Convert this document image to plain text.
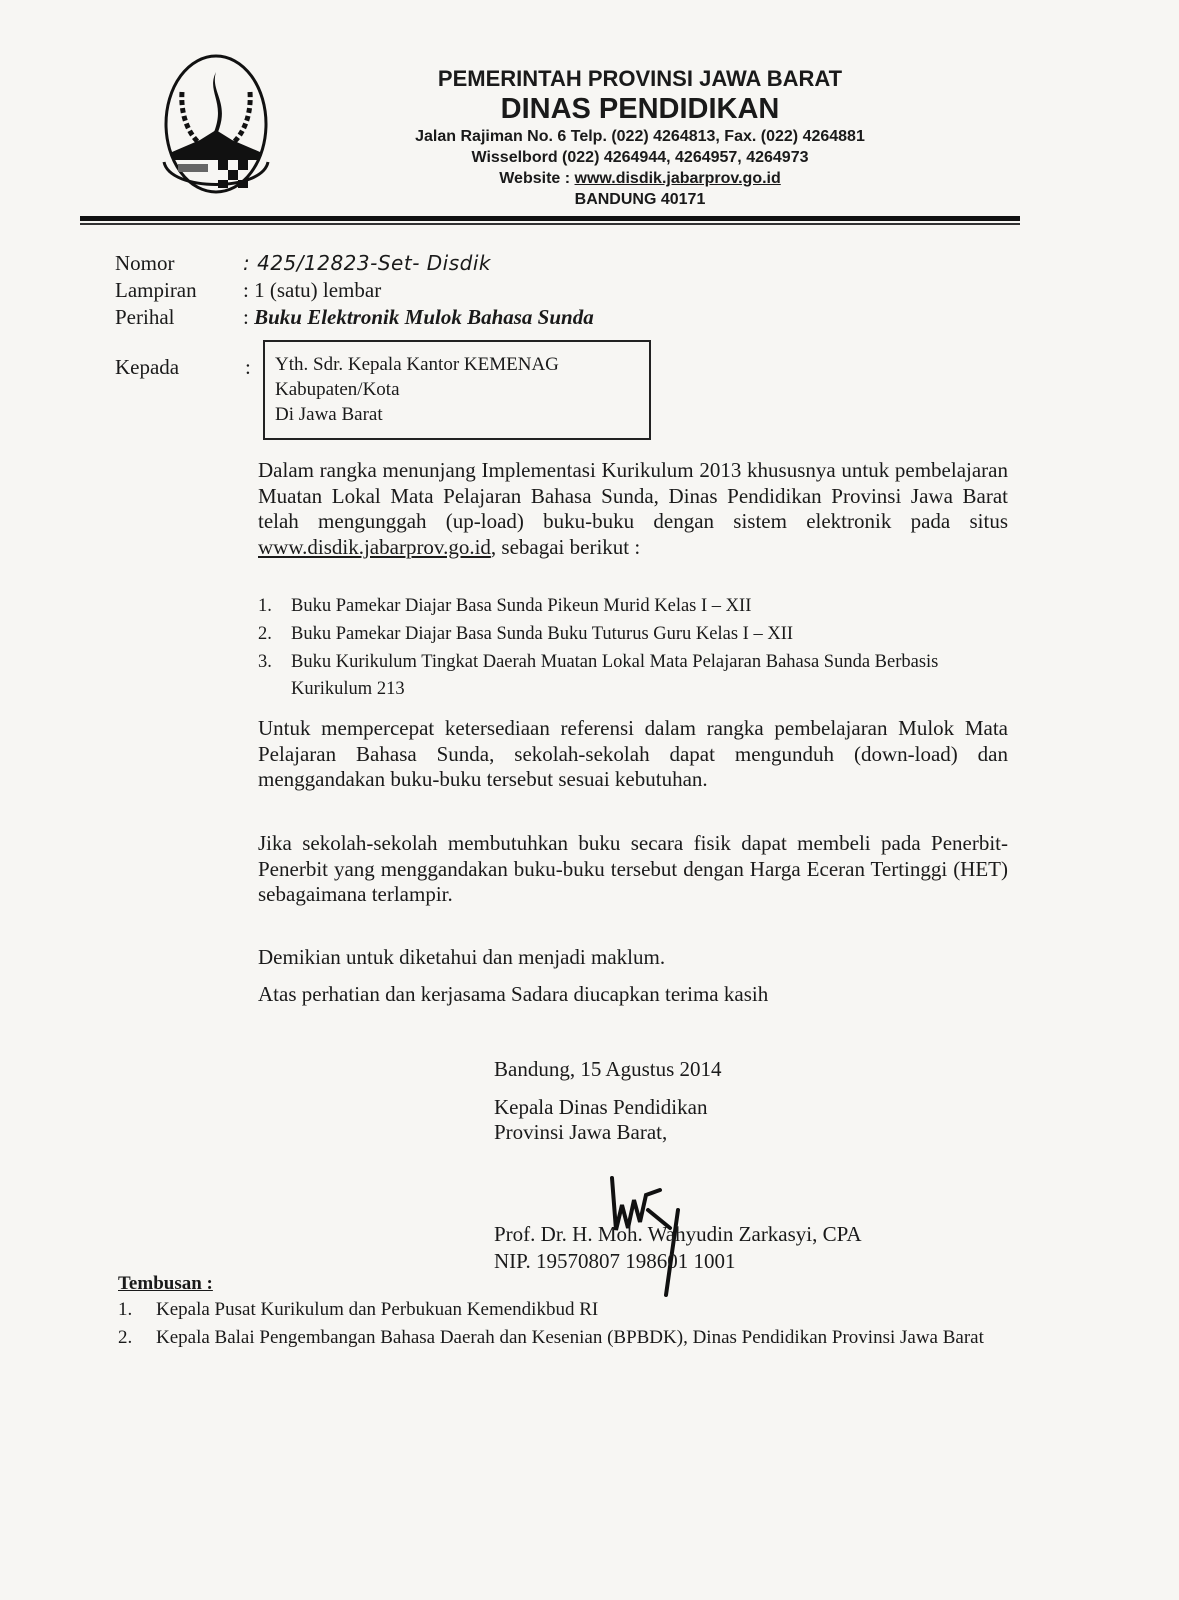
PEMERINTAH PROVINSI JAWA BARAT
DINAS PENDIDIKAN
Jalan Rajiman No. 6 Telp. (022) 4264813, Fax. (022) 4264881
Wisselbord (022) 4264944, 4264957, 4264973
Website : www.disdik.jabarprov.go.id
BANDUNG 40171
Nomor	: 425/12823-Set- Disdik
Lampiran : 1 (satu) lembar
Perihal	: Buku Elektronik Mulok Bahasa Sunda
Kepada	: Yth. Sdr. Kepala Kantor KEMENAG
Kabupaten/Kota
Di Jawa Barat
Dalam rangka menunjang Implementasi Kurikulum 2013 khususnya untuk pembelajaran Muatan Lokal Mata Pelajaran Bahasa Sunda, Dinas Pendidikan Provinsi Jawa Barat telah mengunggah (up-load) buku-buku dengan sistem elektronik pada situs www.disdik.jabarprov.go.id, sebagai berikut :
1. Buku Pamekar Diajar Basa Sunda Pikeun Murid Kelas I – XII
2. Buku Pamekar Diajar Basa Sunda Buku Tuturus Guru Kelas I – XII
3. Buku Kurikulum Tingkat Daerah Muatan Lokal Mata Pelajaran Bahasa Sunda Berbasis Kurikulum 213
Untuk mempercepat ketersediaan referensi dalam rangka pembelajaran Mulok Mata Pelajaran Bahasa Sunda, sekolah-sekolah dapat mengunduh (down-load) dan menggandakan buku-buku tersebut sesuai kebutuhan.
Jika sekolah-sekolah membutuhkan buku secara fisik dapat membeli pada Penerbit-Penerbit yang menggandakan buku-buku tersebut dengan Harga Eceran Tertinggi (HET) sebagaimana terlampir.
Demikian untuk diketahui dan menjadi maklum.
Atas perhatian dan kerjasama Sadara diucapkan terima kasih
Bandung, 15 Agustus 2014
Kepala Dinas Pendidikan
Provinsi Jawa Barat,
Prof. Dr. H. Moh. Wahyudin Zarkasyi, CPA
NIP. 19570807 198601 1001
Tembusan :
1. Kepala Pusat Kurikulum dan Perbukuan Kemendikbud RI
2. Kepala Balai Pengembangan Bahasa Daerah dan Kesenian (BPBDK), Dinas Pendidikan Provinsi Jawa Barat
